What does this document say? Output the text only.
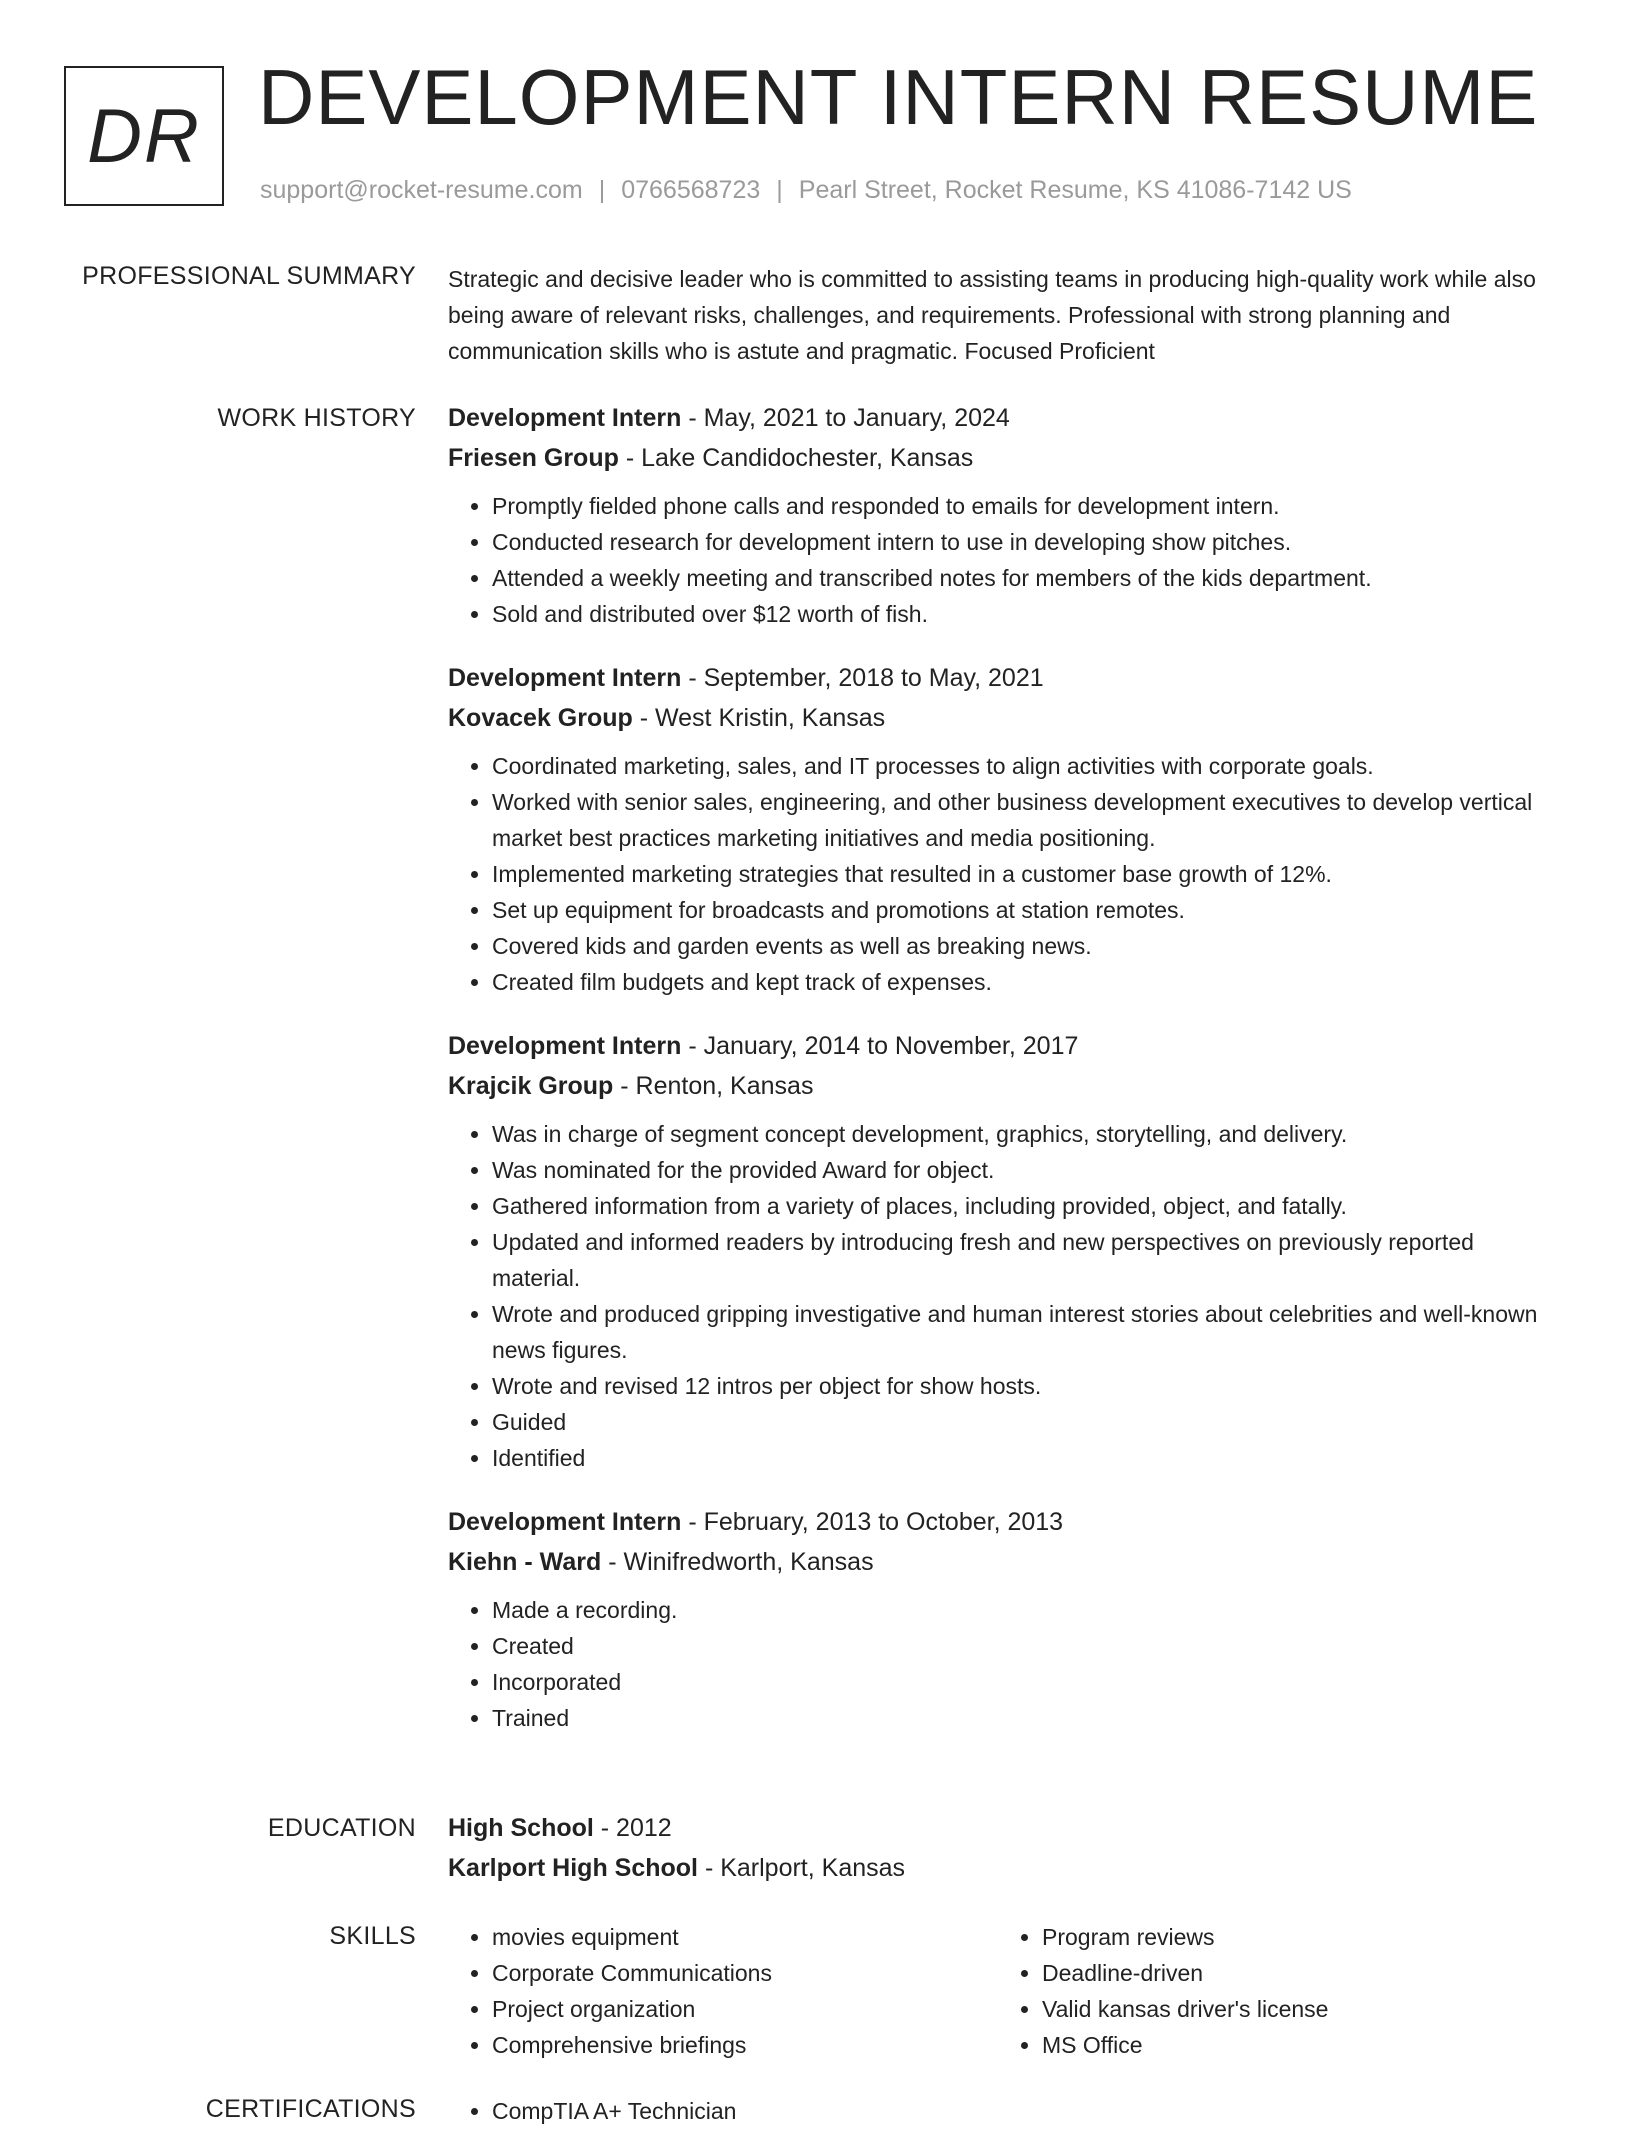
DR DEVELOPMENT INTERN RESUME
support@rocket-resume.com | 0766568723 | Pearl Street, Rocket Resume, KS 41086-7142 US
PROFESSIONAL SUMMARY Strategic and decisive leader who is committed to assisting teams in producing high-quality work while also being aware of relevant risks, challenges, and requirements. Professional with strong planning and communication skills who is astute and pragmatic. Focused Proficient

WORK HISTORY Development Intern - May, 2021 to January, 2024
Friesen Group - Lake Candidochester, Kansas
• Promptly fielded phone calls and responded to emails for development intern.
• Conducted research for development intern to use in developing show pitches.
• Attended a weekly meeting and transcribed notes for members of the kids department.
• Sold and distributed over $12 worth of fish.
Development Intern - September, 2018 to May, 2021
Kovacek Group - West Kristin, Kansas
• Coordinated marketing, sales, and IT processes to align activities with corporate goals.
• Worked with senior sales, engineering, and other business development executives to develop vertical market best practices marketing initiatives and media positioning.
• Implemented marketing strategies that resulted in a customer base growth of 12%.
• Set up equipment for broadcasts and promotions at station remotes.
• Covered kids and garden events as well as breaking news.
• Created film budgets and kept track of expenses.
Development Intern - January, 2014 to November, 2017
Krajcik Group - Renton, Kansas
• Was in charge of segment concept development, graphics, storytelling, and delivery.
• Was nominated for the provided Award for object.
• Gathered information from a variety of places, including provided, object, and fatally.
• Updated and informed readers by introducing fresh and new perspectives on previously reported material.
• Wrote and produced gripping investigative and human interest stories about celebrities and well-known news figures.
• Wrote and revised 12 intros per object for show hosts.
• Guided
• Identified
Development Intern - February, 2013 to October, 2013
Kiehn - Ward - Winifredworth, Kansas
• Made a recording.
• Created
• Incorporated
• Trained
EDUCATION High School - 2012
Karlport High School - Karlport, Kansas
SKILLS	• movies equipment
• Corporate Communications
• Project organization
• Comprehensive briefings
• Program reviews
• Deadline-driven
• Valid kansas driver's license
• MS Office
CERTIFICATIONS	• CompTIA A+ Technician
